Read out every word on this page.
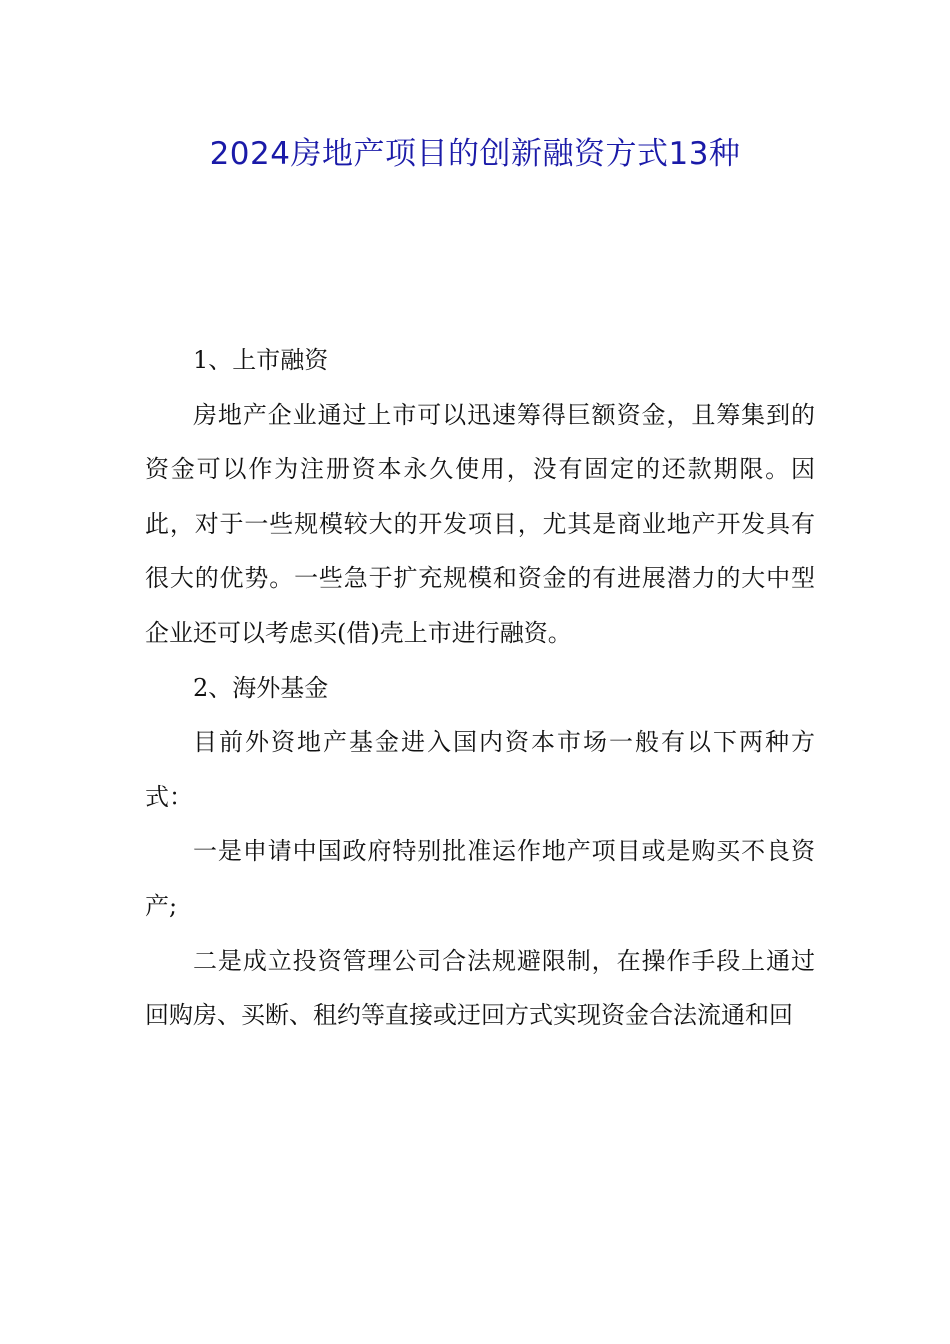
2024房地产项目的创新融资方式13种

1、上市融资

房地产企业通过上市可以迅速筹得巨额资金，且筹集到的资金可以作为注册资本永久使用，没有固定的还款期限。因此，对于一些规模较大的开发项目，尤其是商业地产开发具有很大的优势。一些急于扩充规模和资金的有进展潜力的大中型企业还可以考虑买(借)壳上市进行融资。

2、海外基金

目前外资地产基金进入国内资本市场一般有以下两种方式：

一是申请中国政府特别批准运作地产项目或是购买不良资产;

二是成立投资管理公司合法规避限制，在操作手段上通过回购房、买断、租约等直接或迂回方式实现资金合法流通和回
